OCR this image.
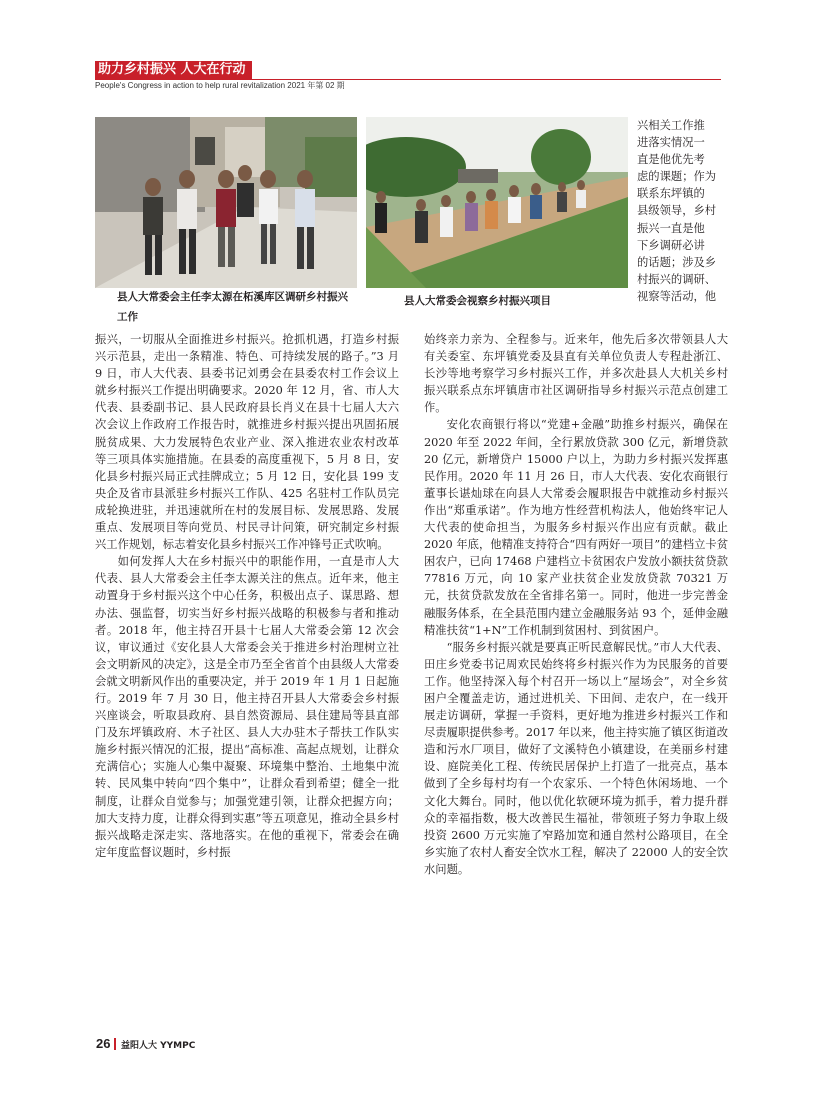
助力乡村振兴 人大在行动
People's Congress in action to help rural revitalization 2021 年第 02 期
县人大常委会主任李太源在柘溪库区调研乡村振兴工作
县人大常委会视察乡村振兴项目

兴相关工作推

进落实情况一

直是他优先考

虑的课题；作为

联系东坪镇的

县级领导，乡村

振兴一直是他

下乡调研必讲

的话题；涉及乡

村振兴的调研、

视察等活动，他

振兴，一切服从全面推进乡村振兴。抢抓机遇，打造乡村振兴示范县，走出一条精准、特色、可持续发展的路子。”3 月 9 日，市人大代表、县委书记刘勇会在县委农村工作会议上就乡村振兴工作提出明确要求。2020 年 12 月，省、市人大代表、县委副书记、县人民政府县长肖义在县十七届人大六次会议上作政府工作报告时，就推进乡村振兴提出巩固拓展脱贫成果、大力发展特色农业产业、深入推进农业农村改革等三项具体实施措施。在县委的高度重视下，5 月 8 日，安化县乡村振兴局正式挂牌成立；5 月 12 日，安化县 199 支央企及省市县派驻乡村振兴工作队、425 名驻村工作队员完成轮换进驻，并迅速就所在村的发展目标、发展思路、发展重点、发展项目等向党员、村民寻计问策，研究制定乡村振兴工作规划，标志着安化县乡村振兴工作冲锋号正式吹响。

如何发挥人大在乡村振兴中的职能作用，一直是市人大代表、县人大常委会主任李太源关注的焦点。近年来，他主动置身于乡村振兴这个中心任务，积极出点子、谋思路、想办法、强监督，切实当好乡村振兴战略的积极参与者和推动者。2018 年，他主持召开县十七届人大常委会第 12 次会议，审议通过《安化县人大常委会关于推进乡村治理树立社会文明新风的决定》，这是全市乃至全省首个由县级人大常委会就文明新风作出的重要决定，并于 2019 年 1 月 1 日起施行。2019 年 7 月 30 日，他主持召开县人大常委会乡村振兴座谈会，听取县政府、县自然资源局、县住建局等县直部门及东坪镇政府、木子社区、县人大办驻木子帮扶工作队实施乡村振兴情况的汇报，提出“高标准、高起点规划，让群众充满信心；实施人心集中凝聚、环境集中整治、土地集中流转、民风集中转向“四个集中”，让群众看到希望；健全一批制度，让群众自觉参与；加强党建引领，让群众把握方向；加大支持力度，让群众得到实惠”等五项意见，推动全县乡村振兴战略走深走实、落地落实。在他的重视下，常委会在确定年度监督议题时，乡村振

始终亲力亲为、全程参与。近来年，他先后多次带领县人大有关委室、东坪镇党委及县直有关单位负责人专程赴浙江、长沙等地考察学习乡村振兴工作，并多次赴县人大机关乡村振兴联系点东坪镇唐市社区调研指导乡村振兴示范点创建工作。

安化农商银行将以“党建+金融”助推乡村振兴，确保在 2020 年至 2022 年间，全行累放贷款 300 亿元，新增贷款 20 亿元，新增贷户 15000 户以上，为助力乡村振兴发挥惠民作用。2020 年 11 月 26 日，市人大代表、安化农商银行董事长谌灿球在向县人大常委会履职报告中就推动乡村振兴作出“郑重承诺”。作为地方性经营机构法人，他始终牢记人大代表的使命担当，为服务乡村振兴作出应有贡献。截止 2020 年底，他精准支持符合“四有两好一项目”的建档立卡贫困农户，已向 17468 户建档立卡贫困农户发放小额扶贫贷款 77816 万元，向 10 家产业扶贫企业发放贷款 70321 万元，扶贫贷款发放在全省排名第一。同时，他进一步完善金融服务体系，在全县范围内建立金融服务站 93 个，延伸金融精准扶贫“1+N”工作机制到贫困村、到贫困户。

“服务乡村振兴就是要真正听民意解民忧。”市人大代表、田庄乡党委书记周欢民始终将乡村振兴作为为民服务的首要工作。他坚持深入每个村召开一场以上“屋场会”，对全乡贫困户全覆盖走访，通过进机关、下田间、走农户，在一线开展走访调研，掌握一手资料，更好地为推进乡村振兴工作和尽责履职提供参考。2017 年以来，他主持实施了镇区街道改造和污水厂项目，做好了文溪特色小镇建设，在美丽乡村建设、庭院美化工程、传统民居保护上打造了一批亮点，基本做到了全乡每村均有一个农家乐、一个特色休闲场地、一个文化大舞台。同时，他以优化软硬环境为抓手，着力提升群众的幸福指数，极大改善民生福祉，带领班子努力争取上级投资 2600 万元实施了窄路加宽和通自然村公路项目，在全乡实施了农村人畜安全饮水工程，解决了 22000 人的安全饮水问题。

26 益阳人大 YYMPC
